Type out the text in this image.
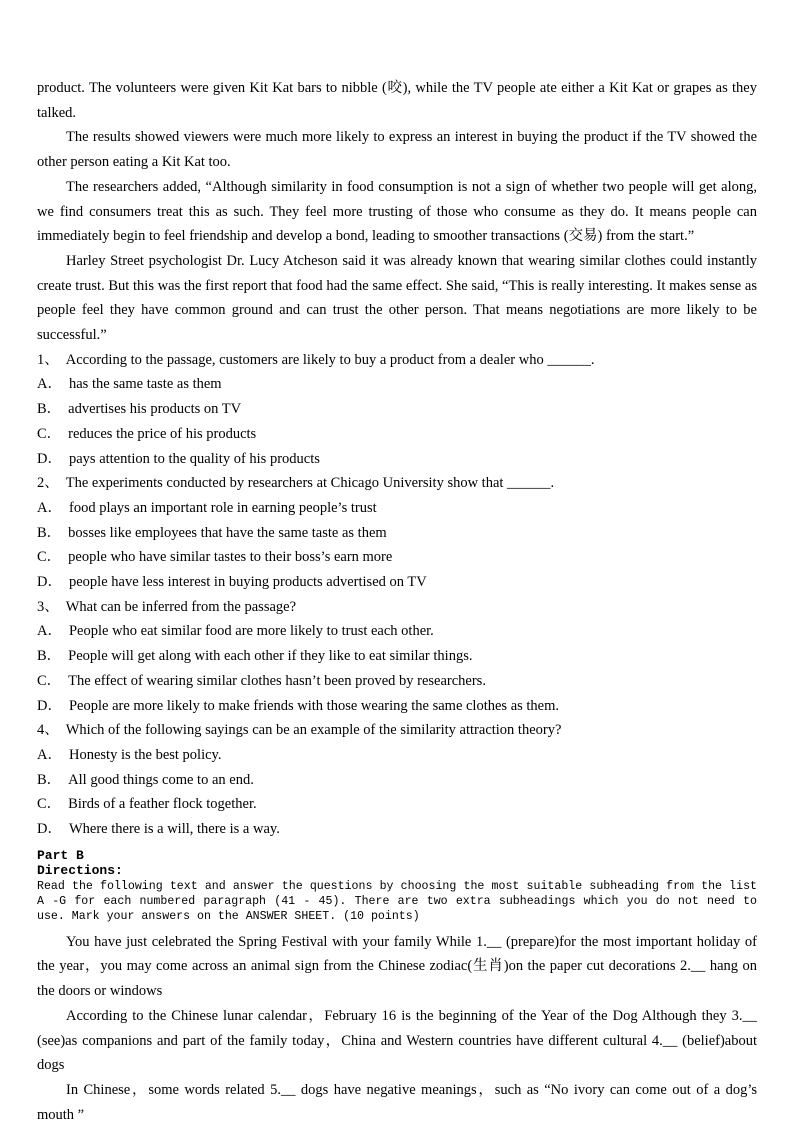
product. The volunteers were given Kit Kat bars to nibble (咬), while the TV people ate either a Kit Kat or grapes as they talked.

The results showed viewers were much more likely to express an interest in buying the product if the TV showed the other person eating a Kit Kat too.

The researchers added, “Although similarity in food consumption is not a sign of whether two people will get along, we find consumers treat this as such. They feel more trusting of those who consume as they do. It means people can immediately begin to feel friendship and develop a bond, leading to smoother transactions (交易) from the start.”

Harley Street psychologist Dr. Lucy Atcheson said it was already known that wearing similar clothes could instantly create trust. But this was the first report that food had the same effect. She said, “This is really interesting. It makes sense as people feel they have common ground and can trust the other person. That means negotiations are more likely to be successful.”

1、 According to the passage, customers are likely to buy a product from a dealer who ______.

A． has the same taste as them

B． advertises his products on TV

C． reduces the price of his products

D． pays attention to the quality of his products

2、 The experiments conducted by researchers at Chicago University show that ______.

A． food plays an important role in earning people’s trust

B． bosses like employees that have the same taste as them

C． people who have similar tastes to their boss’s earn more

D． people have less interest in buying products advertised on TV

3、 What can be inferred from the passage?

A． People who eat similar food are more likely to trust each other.

B． People will get along with each other if they like to eat similar things.

C． The effect of wearing similar clothes hasn’t been proved by researchers.

D． People are more likely to make friends with those wearing the same clothes as them.

4、 Which of the following sayings can be an example of the similarity attraction theory?

A． Honesty is the best policy.

B． All good things come to an end.

C． Birds of a feather flock together.

D． Where there is a will, there is a way.

Part B

Directions:

Read the following text and answer the questions by choosing the most suitable subheading from the list A -G for each numbered paragraph (41 - 45). There are two extra subheadings which you do not need to use. Mark your answers on the ANSWER SHEET. (10 points)

You have just celebrated the Spring Festival with your family While 1.__ (prepare)for the most important holiday of the year，you may come across an animal sign from the Chinese zodiac(生肖)on the paper cut decorations 2.__ hang on the doors or windows

According to the Chinese lunar calendar，February 16 is the beginning of the Year of the Dog Although they 3.__ (see)as companions and part of the family today，China and Western countries have different cultural 4.__ (belief)about dogs

In Chinese，some words related 5.__ dogs have negative meanings，such as “No ivory can come out of a dog’s mouth ”
